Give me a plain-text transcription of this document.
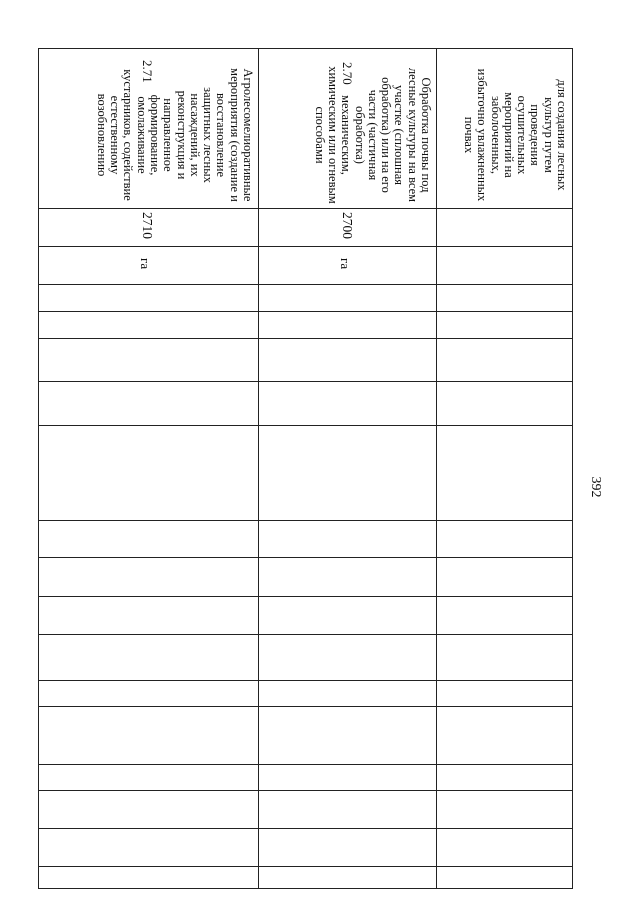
392
для создания лесных культур путем проведения осушительных мероприятий на заболоченных, избыточно увлажненных почвах
2.70
Обработка почвы под лесные культуры на всем участке (сплошная обработка) или на его части (частичная обработка) механическим, химическим или огневым способами
2700
га
2.71	Агролесомелиоративные мероприятия (создание и восстановление защитных лесных насаждений, их реконструкция и направленное формирование, омолаживание кустарников, содействие естественному возобновлению
2710
га
